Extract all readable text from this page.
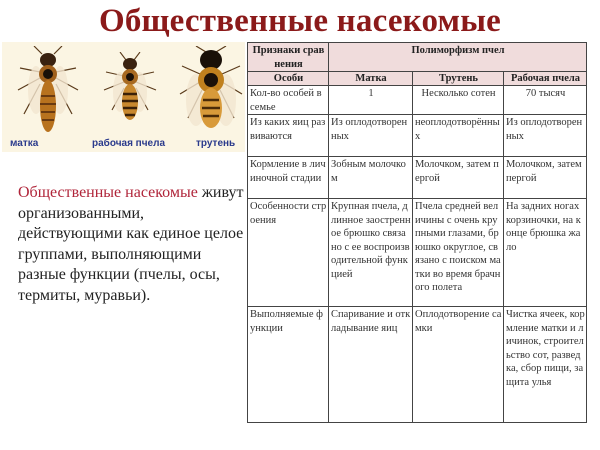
Общественные насекомые
матка	рабочая пчела	трутень
Общественные насекомые живут организованными, действующими как единое целое группами, выполняющими разные функции (пчелы, осы, термиты, муравьи).
Признаки сравнения	Полиморфизм пчел		
Особи	Матка	Трутень	Рабочая пчела
Кол-во особей в семье	1	Несколько сотен	70 тысяч
Из каких яиц развиваются	Из оплодотворенных	неоплодотворённых	Из оплодотворенных
Кормление в личиночной стадии	Зобным молочком	Молочком, затем пергой	Молочком, затем пергой
Особенности строения	Крупная пчела, длинное заостренное брюшко связано с ее воспроизводительной функцией	Пчела средней величины с очень крупными глазами, брюшко округлое, связано с поиском матки во время брачного полета	На задних ногах корзиночки, на конце брюшка жало
Выполняемые функции	Спаривание и откладывание яиц	Оплодотворение самки	Чистка ячеек, кормление матки и личинок, строительство сот, разведка, сбор пищи, защита улья
